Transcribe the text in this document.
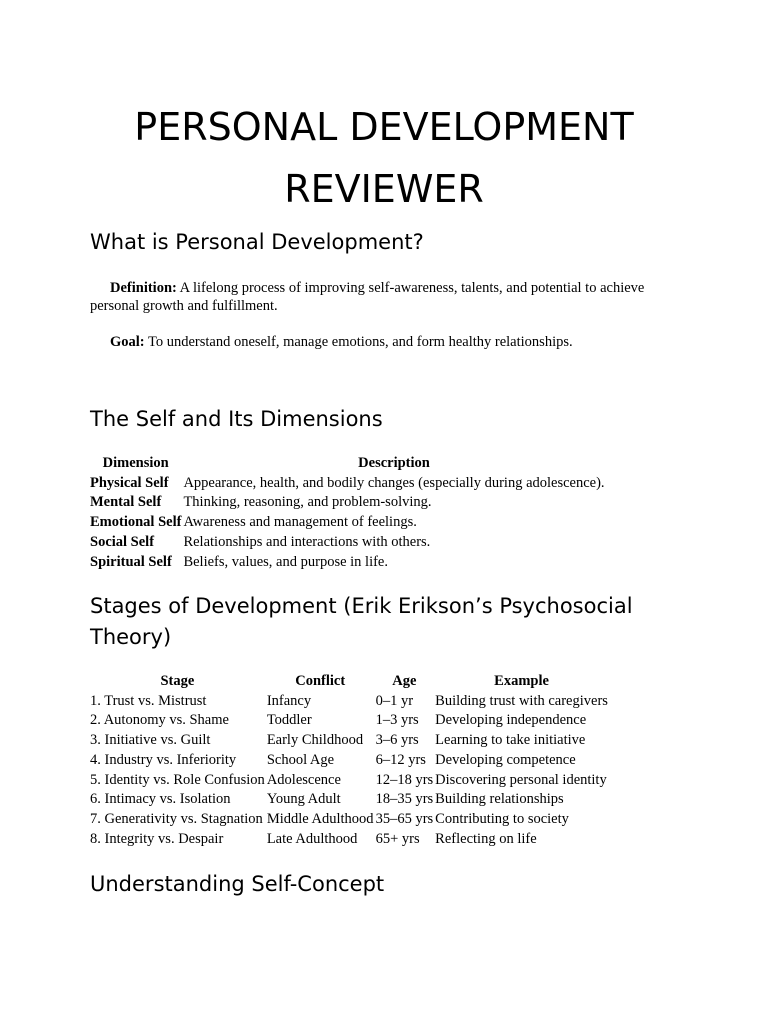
PERSONAL DEVELOPMENT
REVIEWER
What is Personal Development?

Definition: A lifelong process of improving self-awareness, talents, and potential to achieve personal growth and fulfillment.

Goal: To understand oneself, manage emotions, and form healthy relationships.

The Self and Its Dimensions
Dimension	Description
Physical Self	Appearance, health, and bodily changes (especially during adolescence).
Mental Self	Thinking, reasoning, and problem-solving.
Emotional Self	Awareness and management of feelings.
Social Self	Relationships and interactions with others.
Spiritual Self	Beliefs, values, and purpose in life.
Stages of Development (Erik Erikson’s Psychosocial
Theory)
Stage	Conflict	Age	Example
1. Trust vs. Mistrust	Infancy	0–1 yr	Building trust with caregivers
2. Autonomy vs. Shame	Toddler	1–3 yrs	Developing independence
3. Initiative vs. Guilt	Early Childhood	3–6 yrs	Learning to take initiative
4. Industry vs. Inferiority	School Age	6–12 yrs	Developing competence
5. Identity vs. Role Confusion	Adolescence	12–18 yrs	Discovering personal identity
6. Intimacy vs. Isolation	Young Adult	18–35 yrs	Building relationships
7. Generativity vs. Stagnation	Middle Adulthood	35–65 yrs	Contributing to society
8. Integrity vs. Despair	Late Adulthood	65+ yrs	Reflecting on life
Understanding Self-Concept
